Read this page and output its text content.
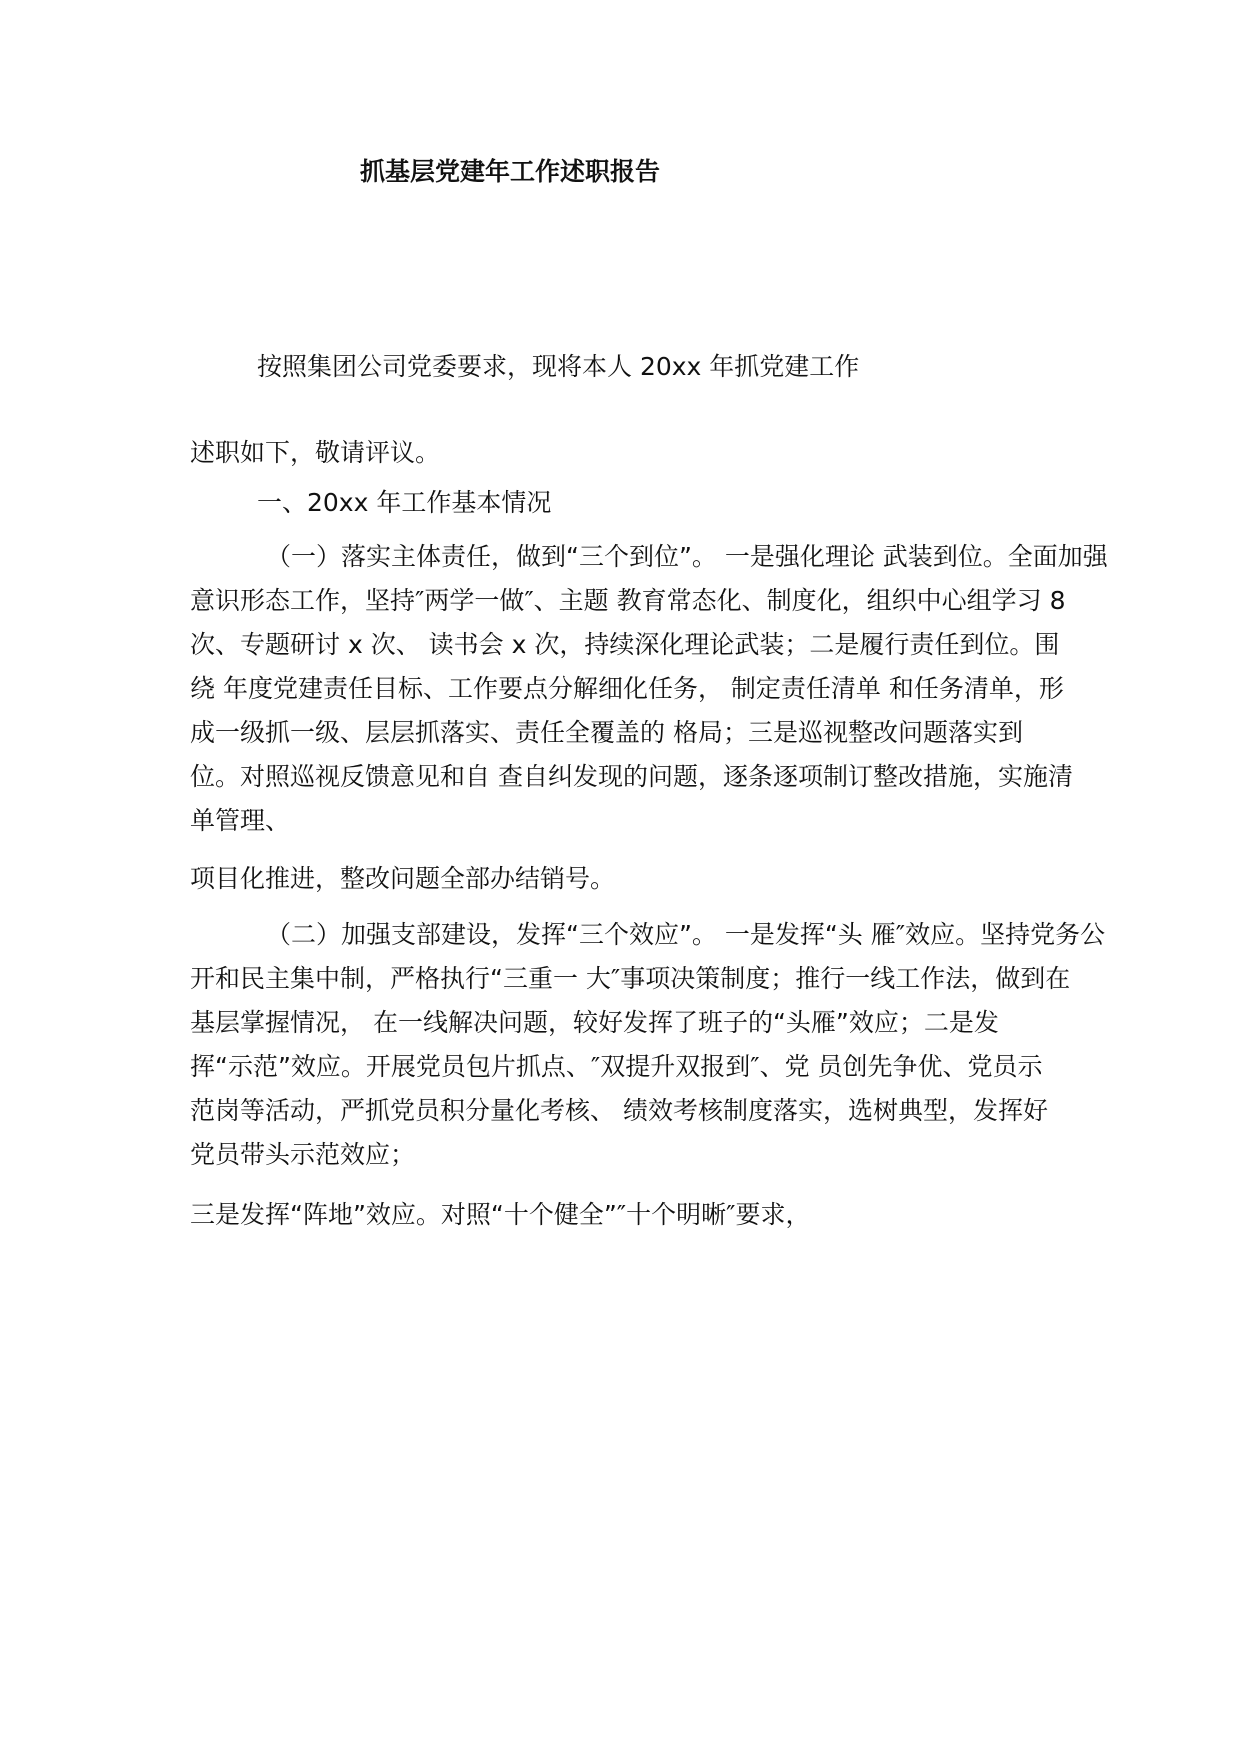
抓基层党建年工作述职报告
按照集团公司党委要求，现将本人 20xx 年抓党建工作
述职如下，敬请评议。
一、20xx 年工作基本情况
（一）落实主体责任，做到“三个到位”。 一是强化理论 武装到位。全面加强
意识形态工作，坚持″两学一做″、主题 教育常态化、制度化，组织中心组学习 8
次、专题研讨 x 次、 读书会 x 次，持续深化理论武装；二是履行责任到位。围
绕 年度党建责任目标、工作要点分解细化任务， 制定责任清单 和任务清单，形
成一级抓一级、层层抓落实、责任全覆盖的 格局；三是巡视整改问题落实到
位。对照巡视反馈意见和自 查自纠发现的问题，逐条逐项制订整改措施，实施清
单管理、
项目化推进，整改问题全部办结销号。
（二）加强支部建设，发挥“三个效应”。 一是发挥“头 雁″效应。坚持党务公
开和民主集中制，严格执行“三重一 大″事项决策制度；推行一线工作法，做到在
基层掌握情况， 在一线解决问题，较好发挥了班子的“头雁”效应；二是发
挥“示范”效应。开展党员包片抓点、″双提升双报到″、党 员创先争优、党员示
范岗等活动，严抓党员积分量化考核、 绩效考核制度落实，选树典型，发挥好
党员带头示范效应；
三是发挥“阵地”效应。对照“十个健全”″十个明晰″要求，
